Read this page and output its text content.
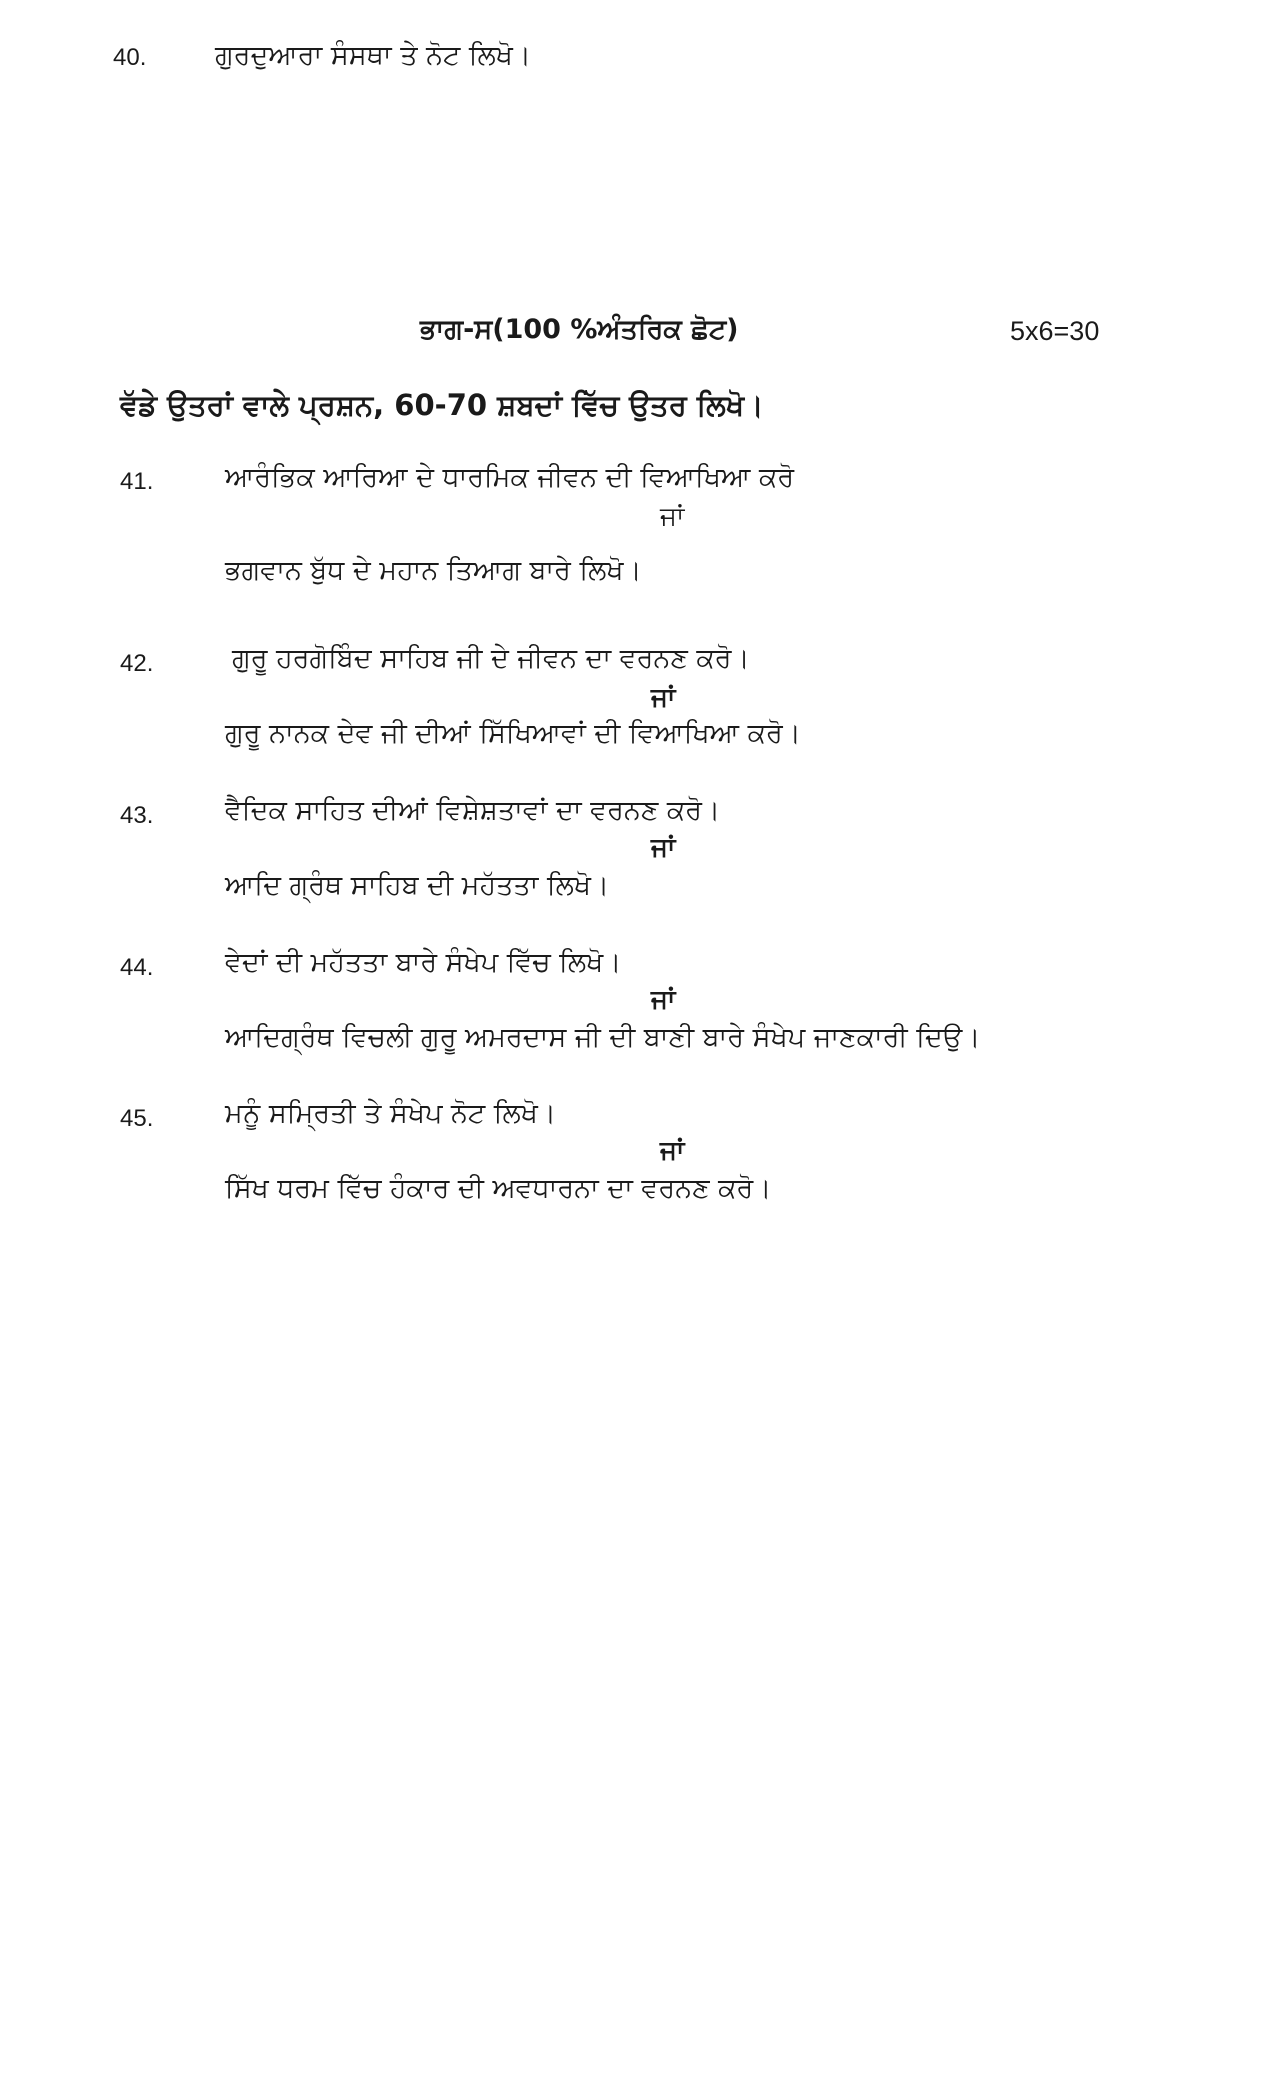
40.	ਗੁਰਦੁਆਰਾ ਸੰਸਥਾ ਤੇ ਨੋਟ ਲਿਖੋ।
ਭਾਗ-ਸ(100 %ਅੰਤਰਿਕ ਛੋਟ)	5x6=30
ਵੱਡੇ ਉਤਰਾਂ ਵਾਲੇ ਪ੍ਰਸ਼ਨ, 60-70 ਸ਼ਬਦਾਂ ਵਿੱਚ ਉਤਰ ਲਿਖੋ।
41.	ਆਰੰਭਿਕ ਆਰਿਆ ਦੇ ਧਾਰਮਿਕ ਜੀਵਨ ਦੀ ਵਿਆਖਿਆ ਕਰੋ
ਜਾਂ
ਭਗਵਾਨ ਬੁੱਧ ਦੇ ਮਹਾਨ ਤਿਆਗ ਬਾਰੇ ਲਿਖੋ।
42.	ਗੁਰੂ ਹਰਗੋਬਿੰਦ ਸਾਹਿਬ ਜੀ ਦੇ ਜੀਵਨ ਦਾ ਵਰਨਣ ਕਰੋ।
ਜਾਂ
ਗੁਰੂ ਨਾਨਕ ਦੇਵ ਜੀ ਦੀਆਂ ਸਿੱਖਿਆਵਾਂ ਦੀ ਵਿਆਖਿਆ ਕਰੋ।
43.	ਵੈਦਿਕ ਸਾਹਿਤ ਦੀਆਂ ਵਿਸ਼ੇਸ਼ਤਾਵਾਂ ਦਾ ਵਰਨਣ ਕਰੋ।
ਜਾਂ
ਆਦਿ ਗ੍ਰੰਥ ਸਾਹਿਬ ਦੀ ਮਹੱਤਤਾ ਲਿਖੋ।
44.	ਵੇਦਾਂ ਦੀ ਮਹੱਤਤਾ ਬਾਰੇ ਸੰਖੇਪ ਵਿੱਚ ਲਿਖੋ।
ਜਾਂ
ਆਦਿਗ੍ਰੰਥ ਵਿਚਲੀ ਗੁਰੂ ਅਮਰਦਾਸ ਜੀ ਦੀ ਬਾਣੀ ਬਾਰੇ ਸੰਖੇਪ ਜਾਣਕਾਰੀ ਦਿਉ।
45.	ਮਨੂੰ ਸਮ੍ਰਿਤੀ ਤੇ ਸੰਖੇਪ ਨੋਟ ਲਿਖੋ।
ਜਾਂ
ਸਿੱਖ ਧਰਮ ਵਿੱਚ ਹੰਕਾਰ ਦੀ ਅਵਧਾਰਨਾ ਦਾ ਵਰਨਣ ਕਰੋ।
